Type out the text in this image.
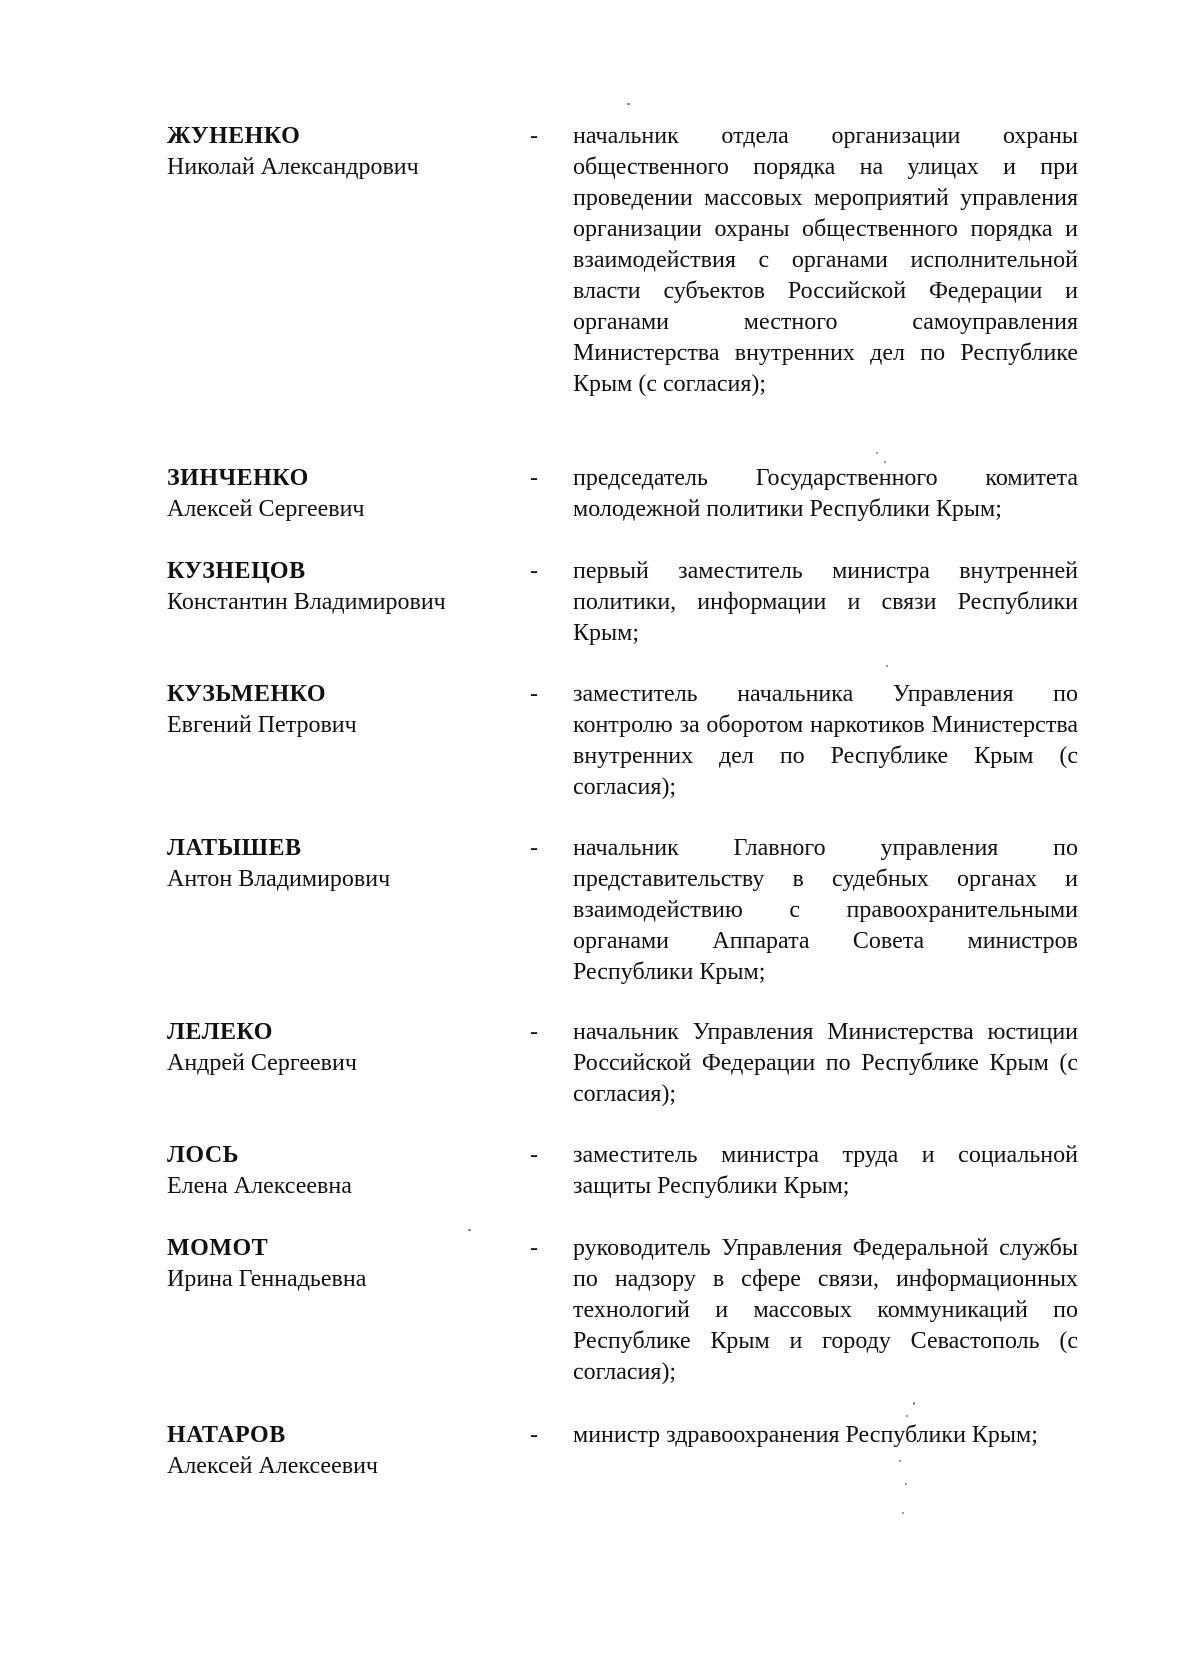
ЖУНЕНКО
Николай Александрович
- начальник отдела организации охраны общественного порядка на улицах и при проведении массовых мероприятий управления организации охраны общественного порядка и взаимодействия с органами исполнительной власти субъектов Российской Федерации и органами местного самоуправления Министерства внутренних дел по Республике Крым (с согласия);
ЗИНЧЕНКО
Алексей Сергеевич
- председатель Государственного комитета молодежной политики Республики Крым;
КУЗНЕЦОВ
Константин Владимирович
- первый заместитель министра внутренней политики, информации и связи Республики Крым;
КУЗЬМЕНКО
Евгений Петрович
- заместитель начальника Управления по контролю за оборотом наркотиков Министерства внутренних дел по Республике Крым (с согласия);
ЛАТЫШЕВ
Антон Владимирович
- начальник Главного управления по представительству в судебных органах и взаимодействию с правоохранительными органами Аппарата Совета министров Республики Крым;
ЛЕЛЕКО
Андрей Сергеевич
- начальник Управления Министерства юстиции Российской Федерации по Республике Крым (с согласия);
ЛОСЬ
Елена Алексеевна
- заместитель министра труда и социальной защиты Республики Крым;
МОМОТ
Ирина Геннадьевна
- руководитель Управления Федеральной службы по надзору в сфере связи, информационных технологий и массовых коммуникаций по Республике Крым и городу Севастополь (с согласия);
НАТАРОВ
Алексей Алексеевич
- министр здравоохранения Республики Крым;
